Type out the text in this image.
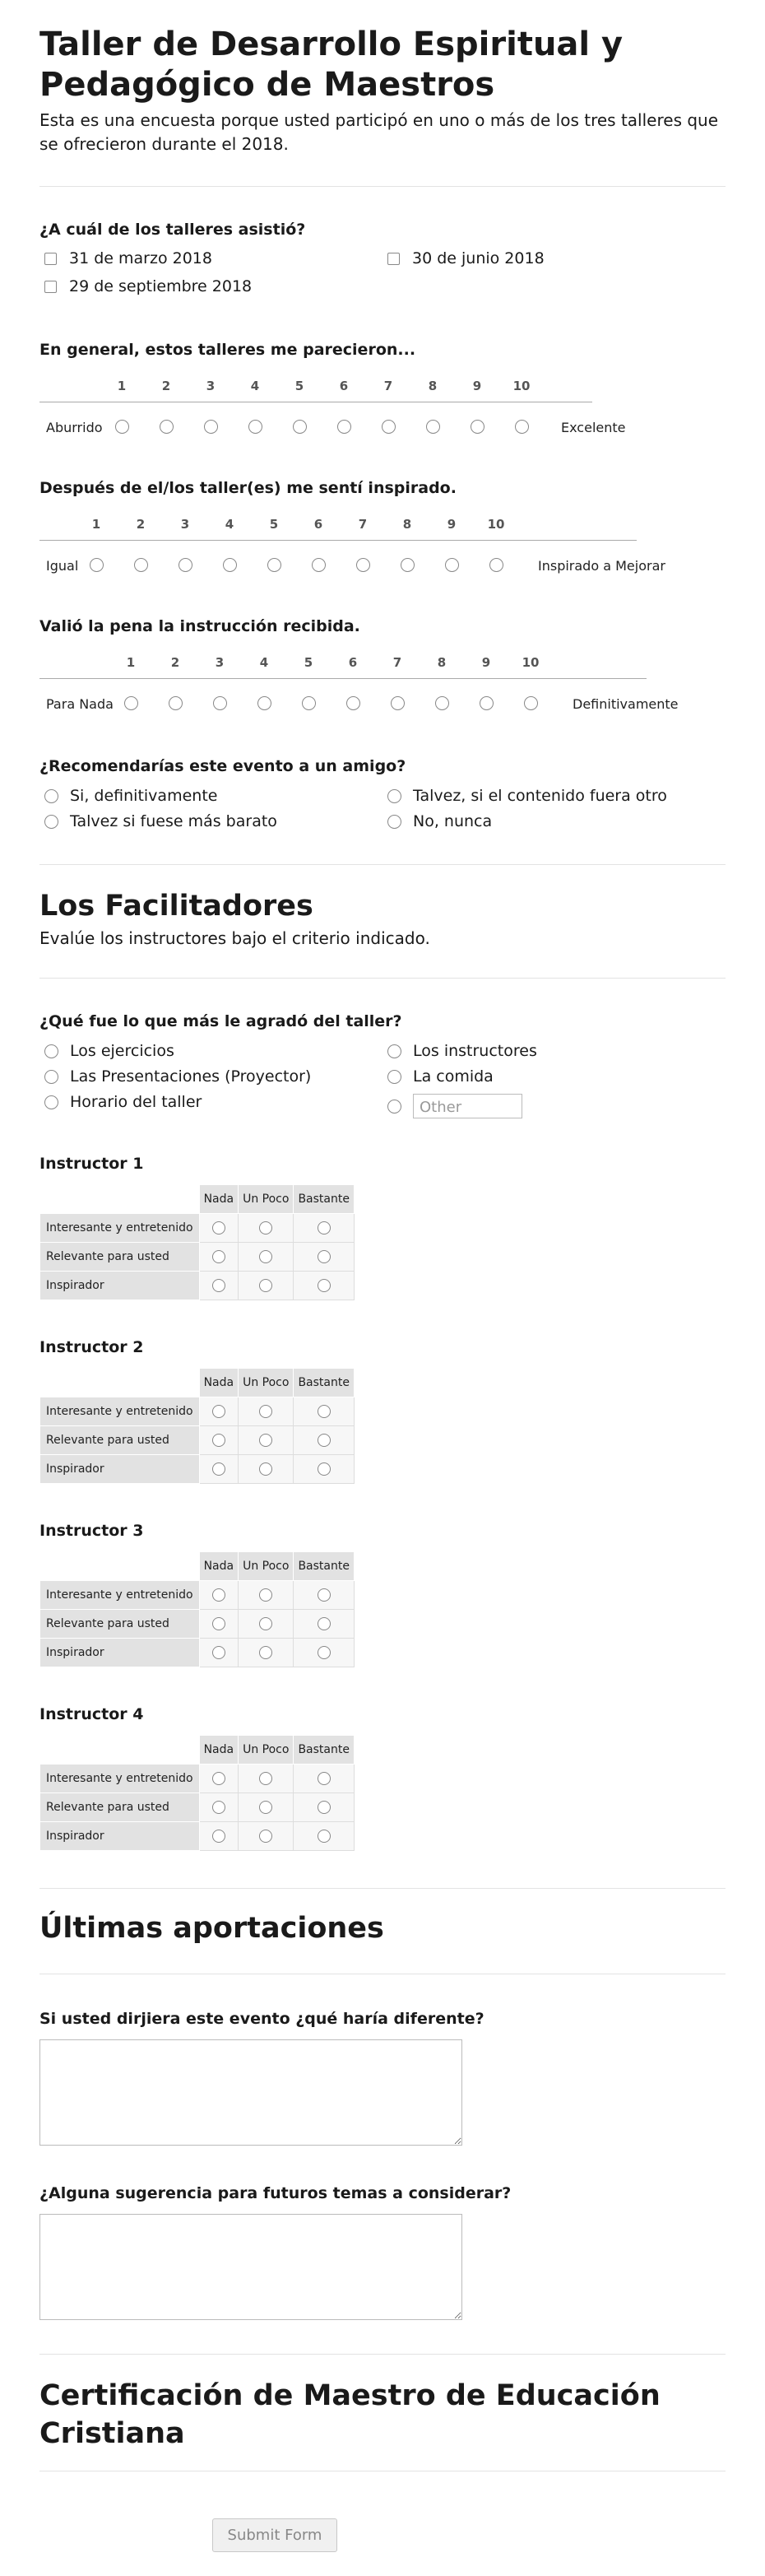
Taller de Desarrollo Espiritual y Pedagógico de Maestros

Esta es una encuesta porque usted participó en uno o más de los tres talleres que se ofrecieron durante el 2018.

¿A cuál de los talleres asistió?
31 de marzo 2018	30 de junio 2018
29 de septiembre 2018
En general, estos talleres me parecieron...
1	2	3	4	5	6	7	8	9	10
Aburrido	Excelente
Después de el/los taller(es) me sentí inspirado.
1	2	3	4	5	6	7	8	9	10
Igual	Inspirado a Mejorar
Valió la pena la instrucción recibida.
1	2	3	4	5	6	7	8	9	10
Para Nada	Definitivamente
¿Recomendarías este evento a un amigo?
Si, definitivamente	Talvez, si el contenido fuera otro
Talvez si fuese más barato	No, nunca
Los Facilitadores

Evalúe los instructores bajo el criterio indicado.

¿Qué fue lo que más le agradó del taller?
Los ejercicios	Los instructores
Las Presentaciones (Proyector)	La comida
Horario del taller	Other
Instructor 1
	Nada	Un Poco	Bastante
Interesante y entretenido			
Relevante para usted			
Inspirador			
Instructor 2
	Nada	Un Poco	Bastante
Interesante y entretenido			
Relevante para usted			
Inspirador			
Instructor 3
	Nada	Un Poco	Bastante
Interesante y entretenido			
Relevante para usted			
Inspirador			
Instructor 4
	Nada	Un Poco	Bastante
Interesante y entretenido			
Relevante para usted			
Inspirador			
Últimas aportaciones
Si usted dirjiera este evento ¿qué haría diferente?
¿Alguna sugerencia para futuros temas a considerar?
Certificación de Maestro de Educación Cristiana
Submit Form
